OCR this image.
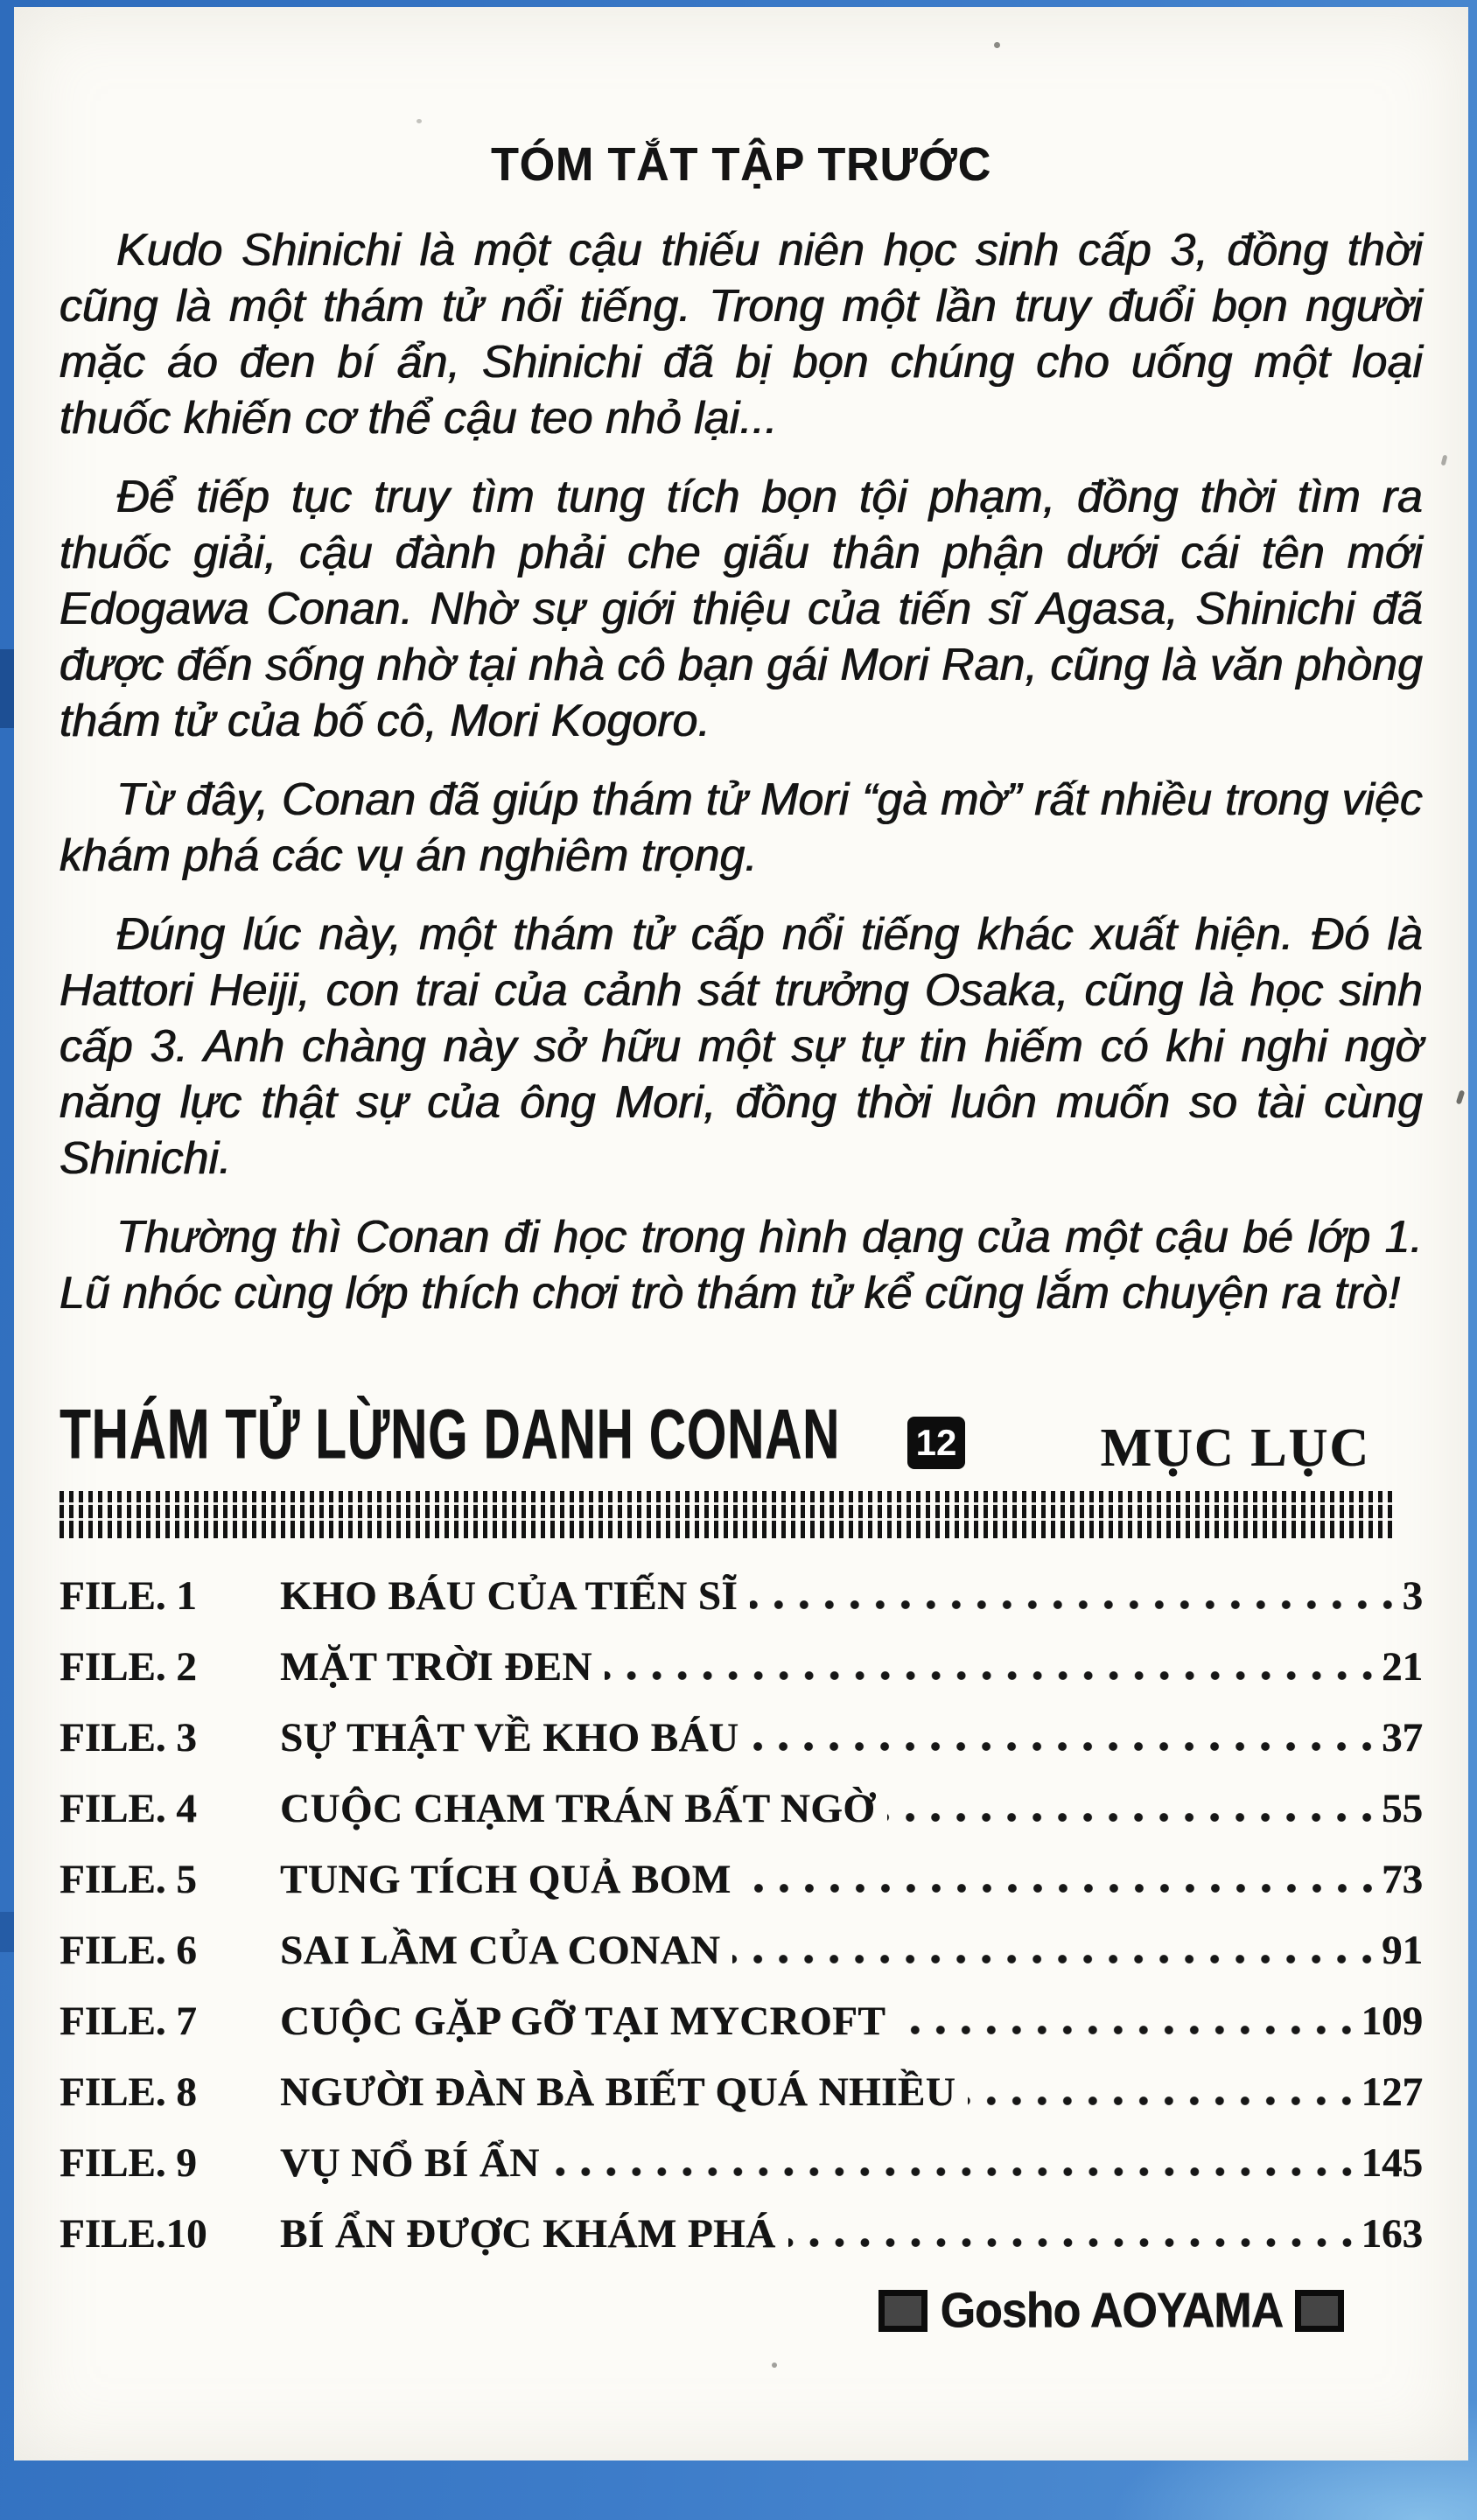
TÓM TẮT TẬP TRƯỚC

Kudo Shinichi là một cậu thiếu niên học sinh cấp 3, đồng thời cũng là một thám tử nổi tiếng. Trong một lần truy đuổi bọn người mặc áo đen bí ẩn, Shinichi đã bị bọn chúng cho uống một loại thuốc khiến cơ thể cậu teo nhỏ lại...

Để tiếp tục truy tìm tung tích bọn tội phạm, đồng thời tìm ra thuốc giải, cậu đành phải che giấu thân phận dưới cái tên mới Edogawa Conan. Nhờ sự giới thiệu của tiến sĩ Agasa, Shinichi đã được đến sống nhờ tại nhà cô bạn gái Mori Ran, cũng là văn phòng thám tử của bố cô, Mori Kogoro.

Từ đây, Conan đã giúp thám tử Mori “gà mờ” rất nhiều trong việc khám phá các vụ án nghiêm trọng.

Đúng lúc này, một thám tử cấp nổi tiếng khác xuất hiện. Đó là Hattori Heiji, con trai của cảnh sát trưởng Osaka, cũng là học sinh cấp 3. Anh chàng này sở hữu một sự tự tin hiếm có khi nghi ngờ năng lực thật sự của ông Mori, đồng thời luôn muốn so tài cùng Shinichi.

Thường thì Conan đi học trong hình dạng của một cậu bé lớp 1. Lũ nhóc cùng lớp thích chơi trò thám tử kể cũng lắm chuyện ra trò!

THÁM TỬ LỪNG DANH CONAN 12	MỤC LỤC
FILE. 1	KHO BÁU CỦA TIẾN SĨ	3
FILE. 2	MẶT TRỜI ĐEN	21
FILE. 3	SỰ THẬT VỀ KHO BÁU	37
FILE. 4	CUỘC CHẠM TRÁN BẤT NGỜ	55
FILE. 5	TUNG TÍCH QUẢ BOM	73
FILE. 6	SAI LẦM CỦA CONAN	91
FILE. 7	CUỘC GẶP GỠ TẠI MYCROFT	109
FILE. 8	NGƯỜI ĐÀN BÀ BIẾT QUÁ NHIỀU	127
FILE. 9	VỤ NỔ BÍ ẨN	145
FILE.10	BÍ ẨN ĐƯỢC KHÁM PHÁ	163
Gosho AOYAMA
